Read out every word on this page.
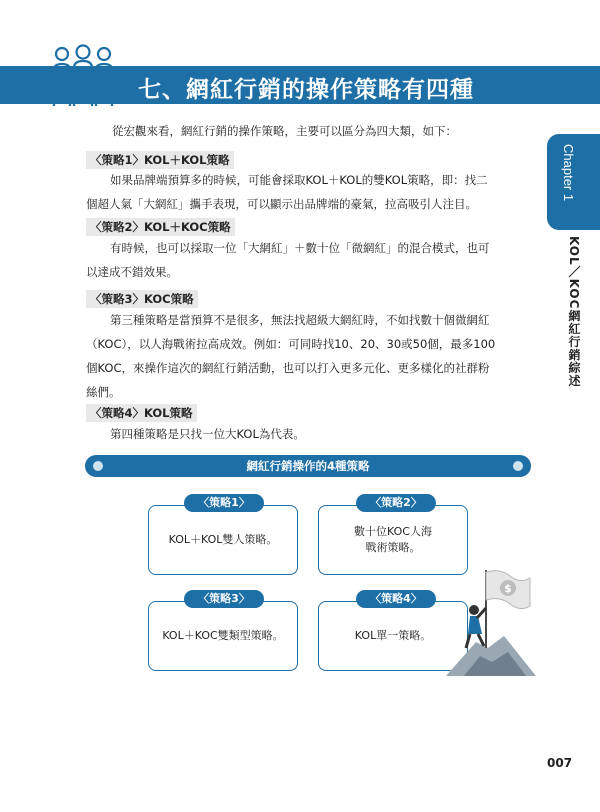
七、網紅行銷的操作策略有四種
Chapter 1
KOL／KOC網紅行銷綜述
從宏觀來看，網紅行銷的操作策略，主要可以區分為四大類，如下：
〈策略1〉KOL＋KOL策略
如果品牌端預算多的時候，可能會採取KOL＋KOL的雙KOL策略，即：找二
個超人氣「大網紅」攜手表現，可以顯示出品牌端的豪氣，拉高吸引人注目。
〈策略2〉KOL＋KOC策略
有時候，也可以採取一位「大網紅」＋數十位「微網紅」的混合模式，也可
以達成不錯效果。
〈策略3〉KOC策略
第三種策略是當預算不是很多，無法找超級大網紅時，不如找數十個微網紅
（KOC），以人海戰術拉高成效。例如：可同時找10、20、30或50個，最多100
個KOC，來操作這次的網紅行銷活動，也可以打入更多元化、更多樣化的社群粉
絲們。
〈策略4〉KOL策略
第四種策略是只找一位大KOL為代表。
網紅行銷操作的4種策略
KOL＋KOL雙人策略。
〈策略1〉
數十位KOC人海
戰術策略。
〈策略2〉
KOL＋KOC雙類型策略。
〈策略3〉
KOL單一策略。
〈策略4〉
$
007
